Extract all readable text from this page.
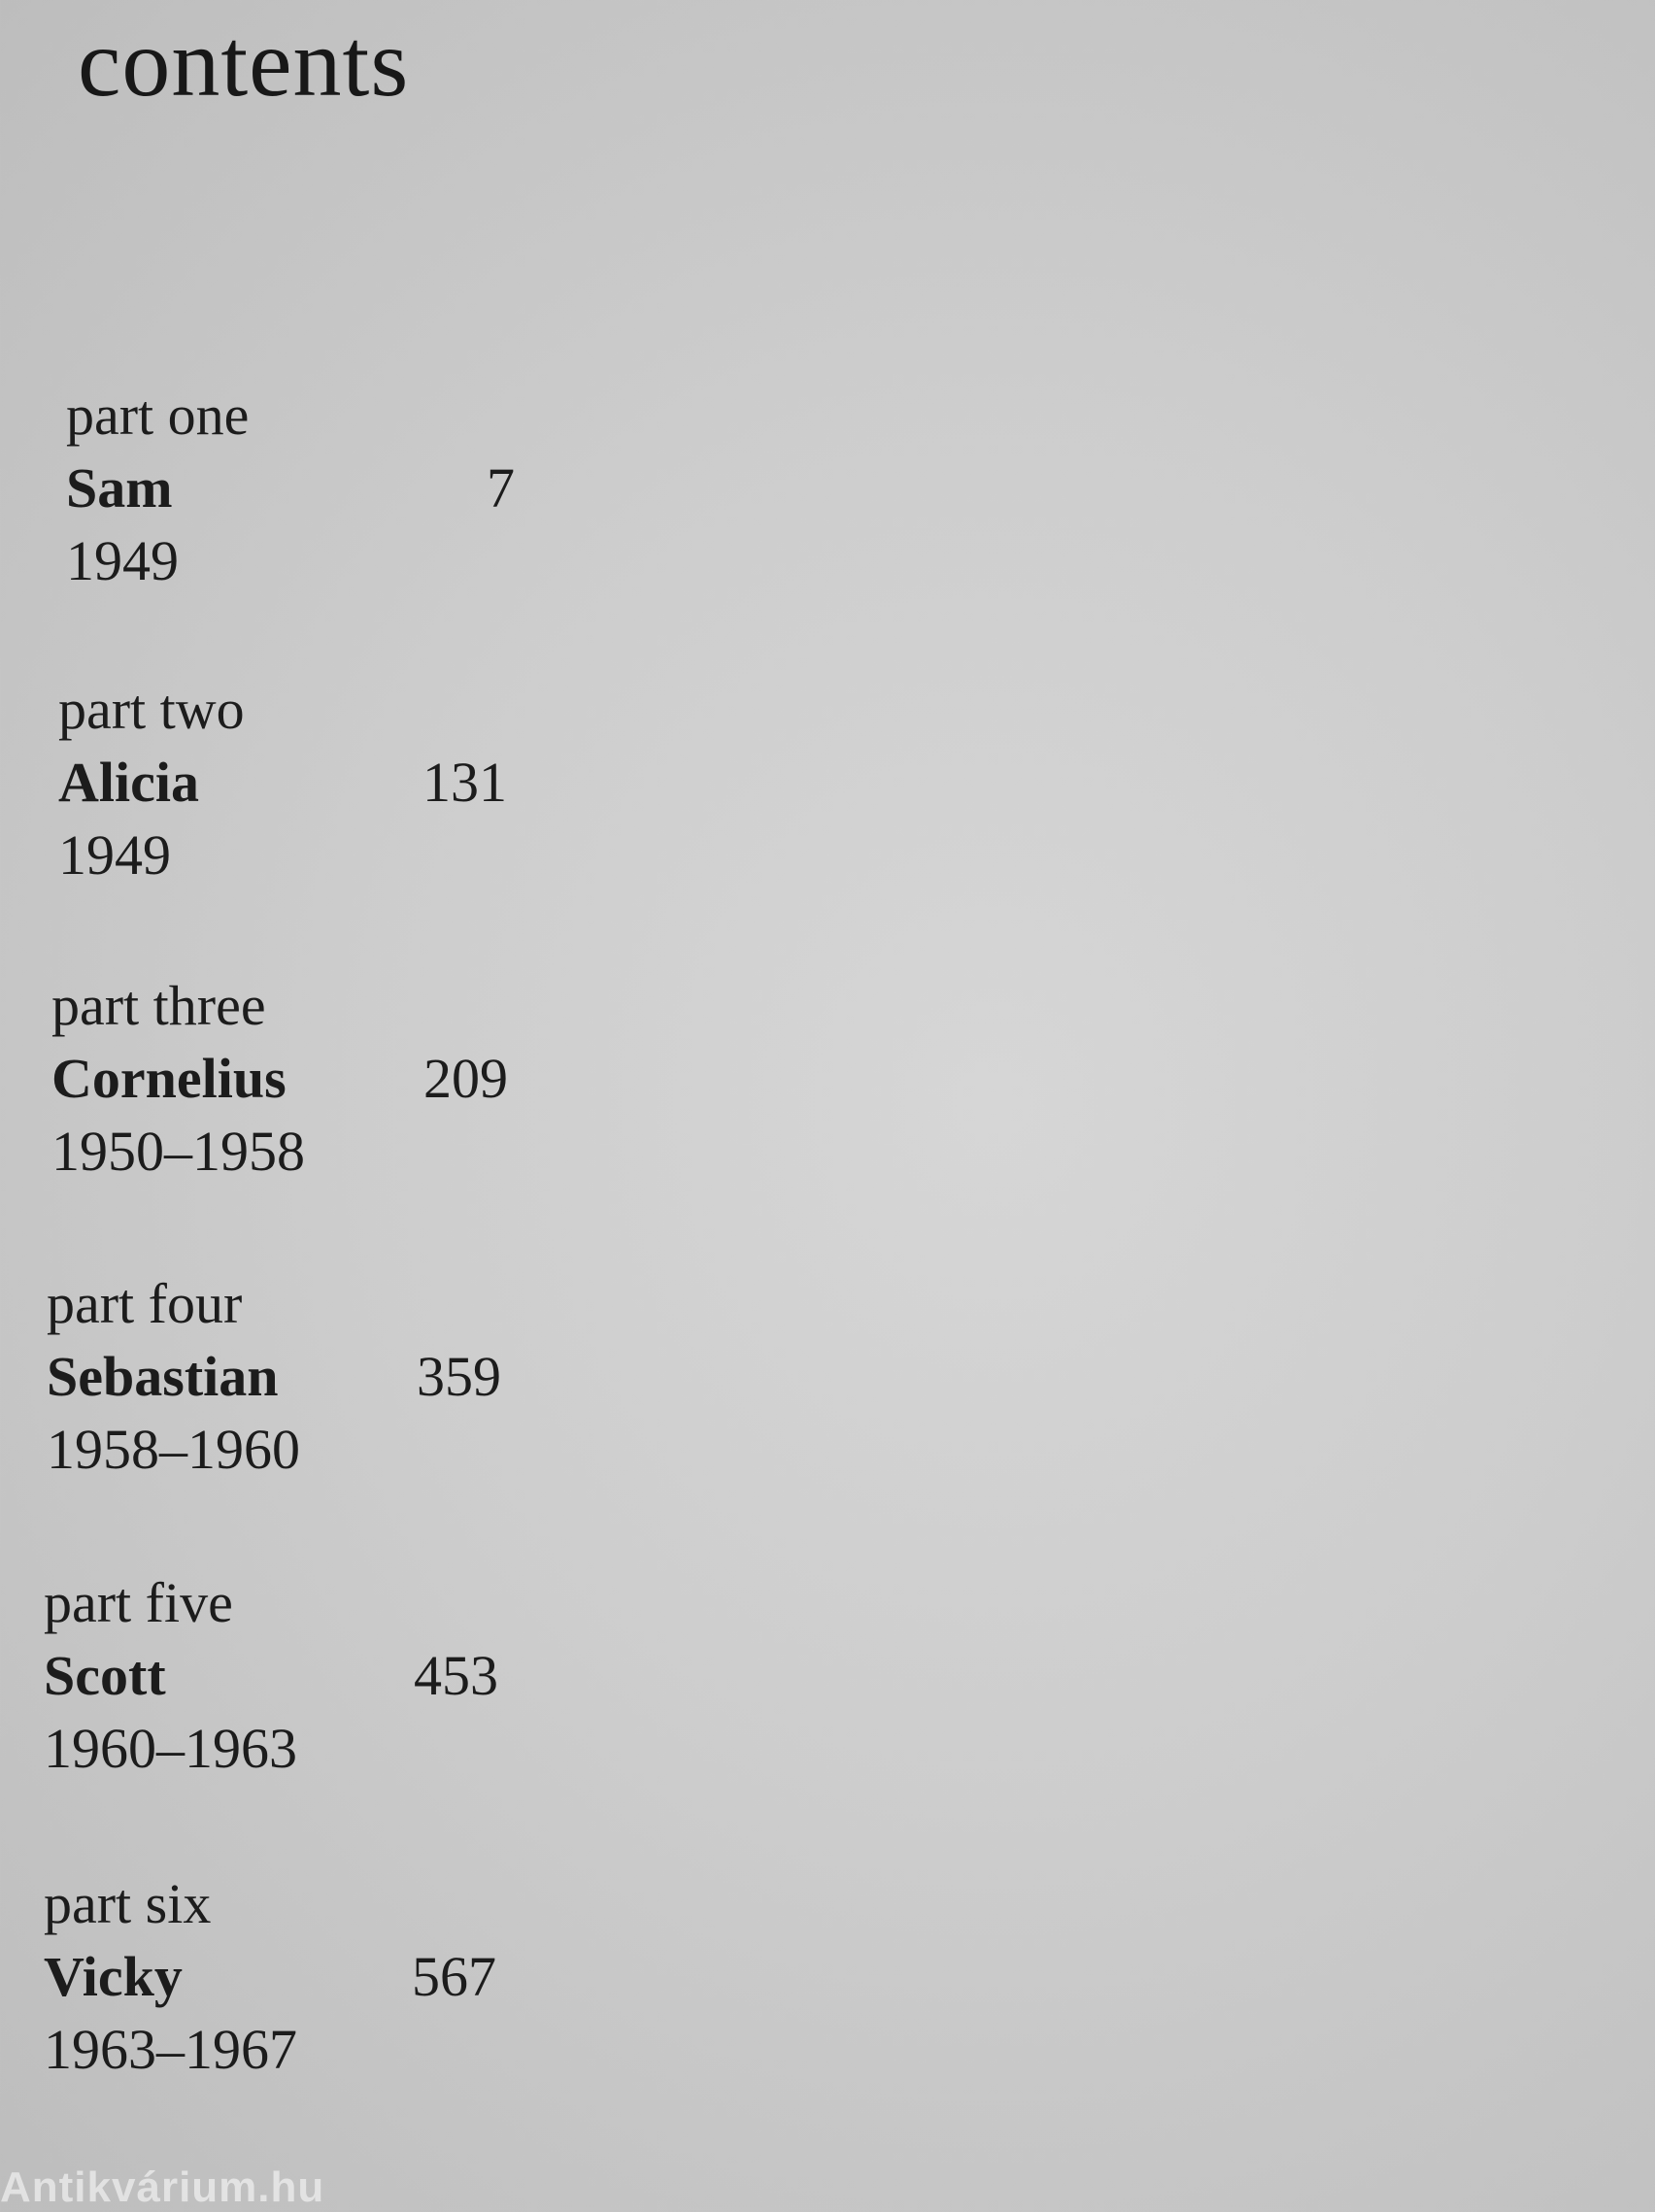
contents
part one
Sam	7
1949
part two
Alicia	131
1949
part three
Cornelius 209
1950–1958
part four
Sebastian 359
1958–1960
part five
Scott	453
1960–1963
part six
Vicky	567
1963–1967
Antikvárium.hu
